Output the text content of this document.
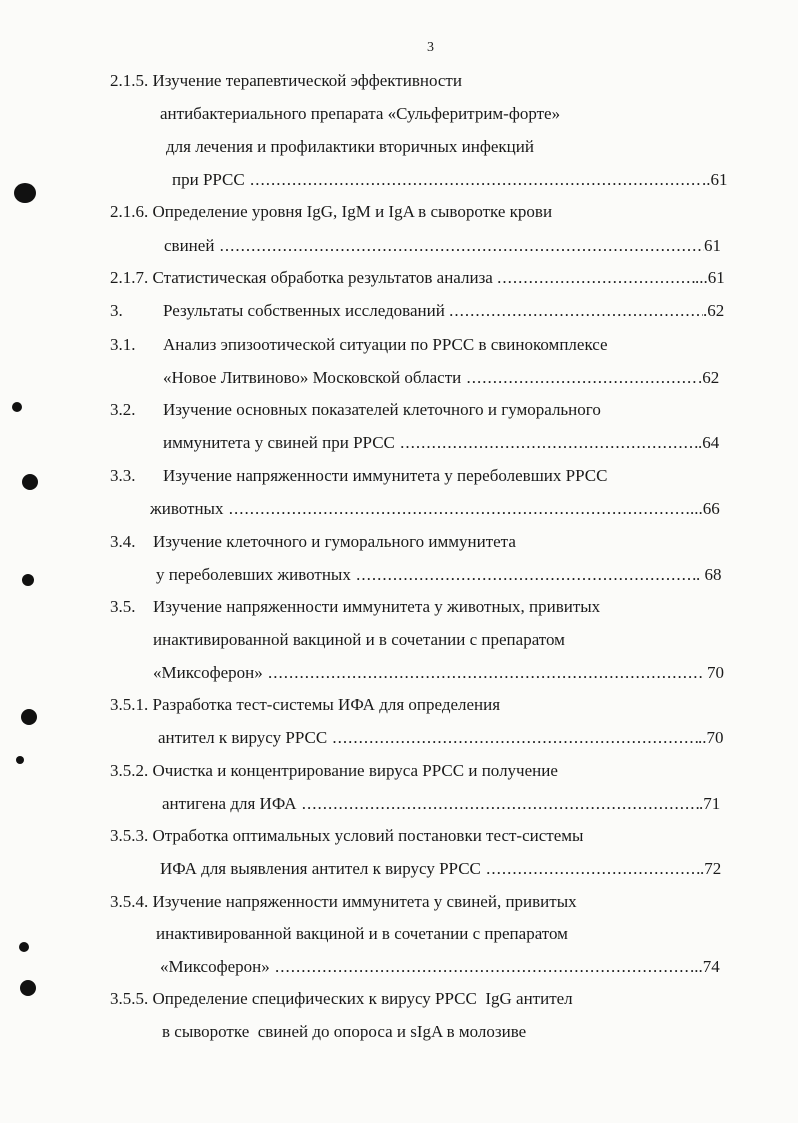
3
2.1.5. Изучение терапевтической эффективности
антибактериального препарата «Сульферитрим-форте»
для лечения и профилактики вторичных инфекций
при РРСС .....	..61
2.1.6. Определение уровня IgG, IgM и IgA в сыворотке крови
свиней .....	61
2.1.7. Статистическая обработка результатов анализа .....	...61
3. Результаты собственных исследований .....	.62
3.1. Анализ эпизоотической ситуации по РРСС в свинокомплексе
«Новое Литвиново» Московской области .....	.62
3.2. Изучение основных показателей клеточного и гуморального
иммунитета у свиней при РРСС .....	.64
3.3. Изучение напряженности иммунитета у переболевших РРСС
животных .....	...66
3.4. Изучение клеточного и гуморального иммунитета
у переболевших животных .....	. 68
3.5. Изучение напряженности иммунитета у животных, привитых
инактивированной вакциной и в сочетании с препаратом
«Миксоферон» .....	70
3.5.1. Разработка тест-системы ИФА для определения
антител к вирусу РРСС .....	..70
3.5.2. Очистка и концентрирование вируса РРСС и получение
антигена для ИФА .....	.71
3.5.3. Отработка оптимальных условий постановки тест-системы
ИФА для выявления антител к вирусу РРСС .....	.72
3.5.4. Изучение напряженности иммунитета у свиней, привитых
инактивированной вакциной и в сочетании с препаратом
«Миксоферон» .....	...74
3.5.5. Определение специфических к вирусу РРСС  IgG антител
в сыворотке  свиней до опороса и sIgA в молозиве
